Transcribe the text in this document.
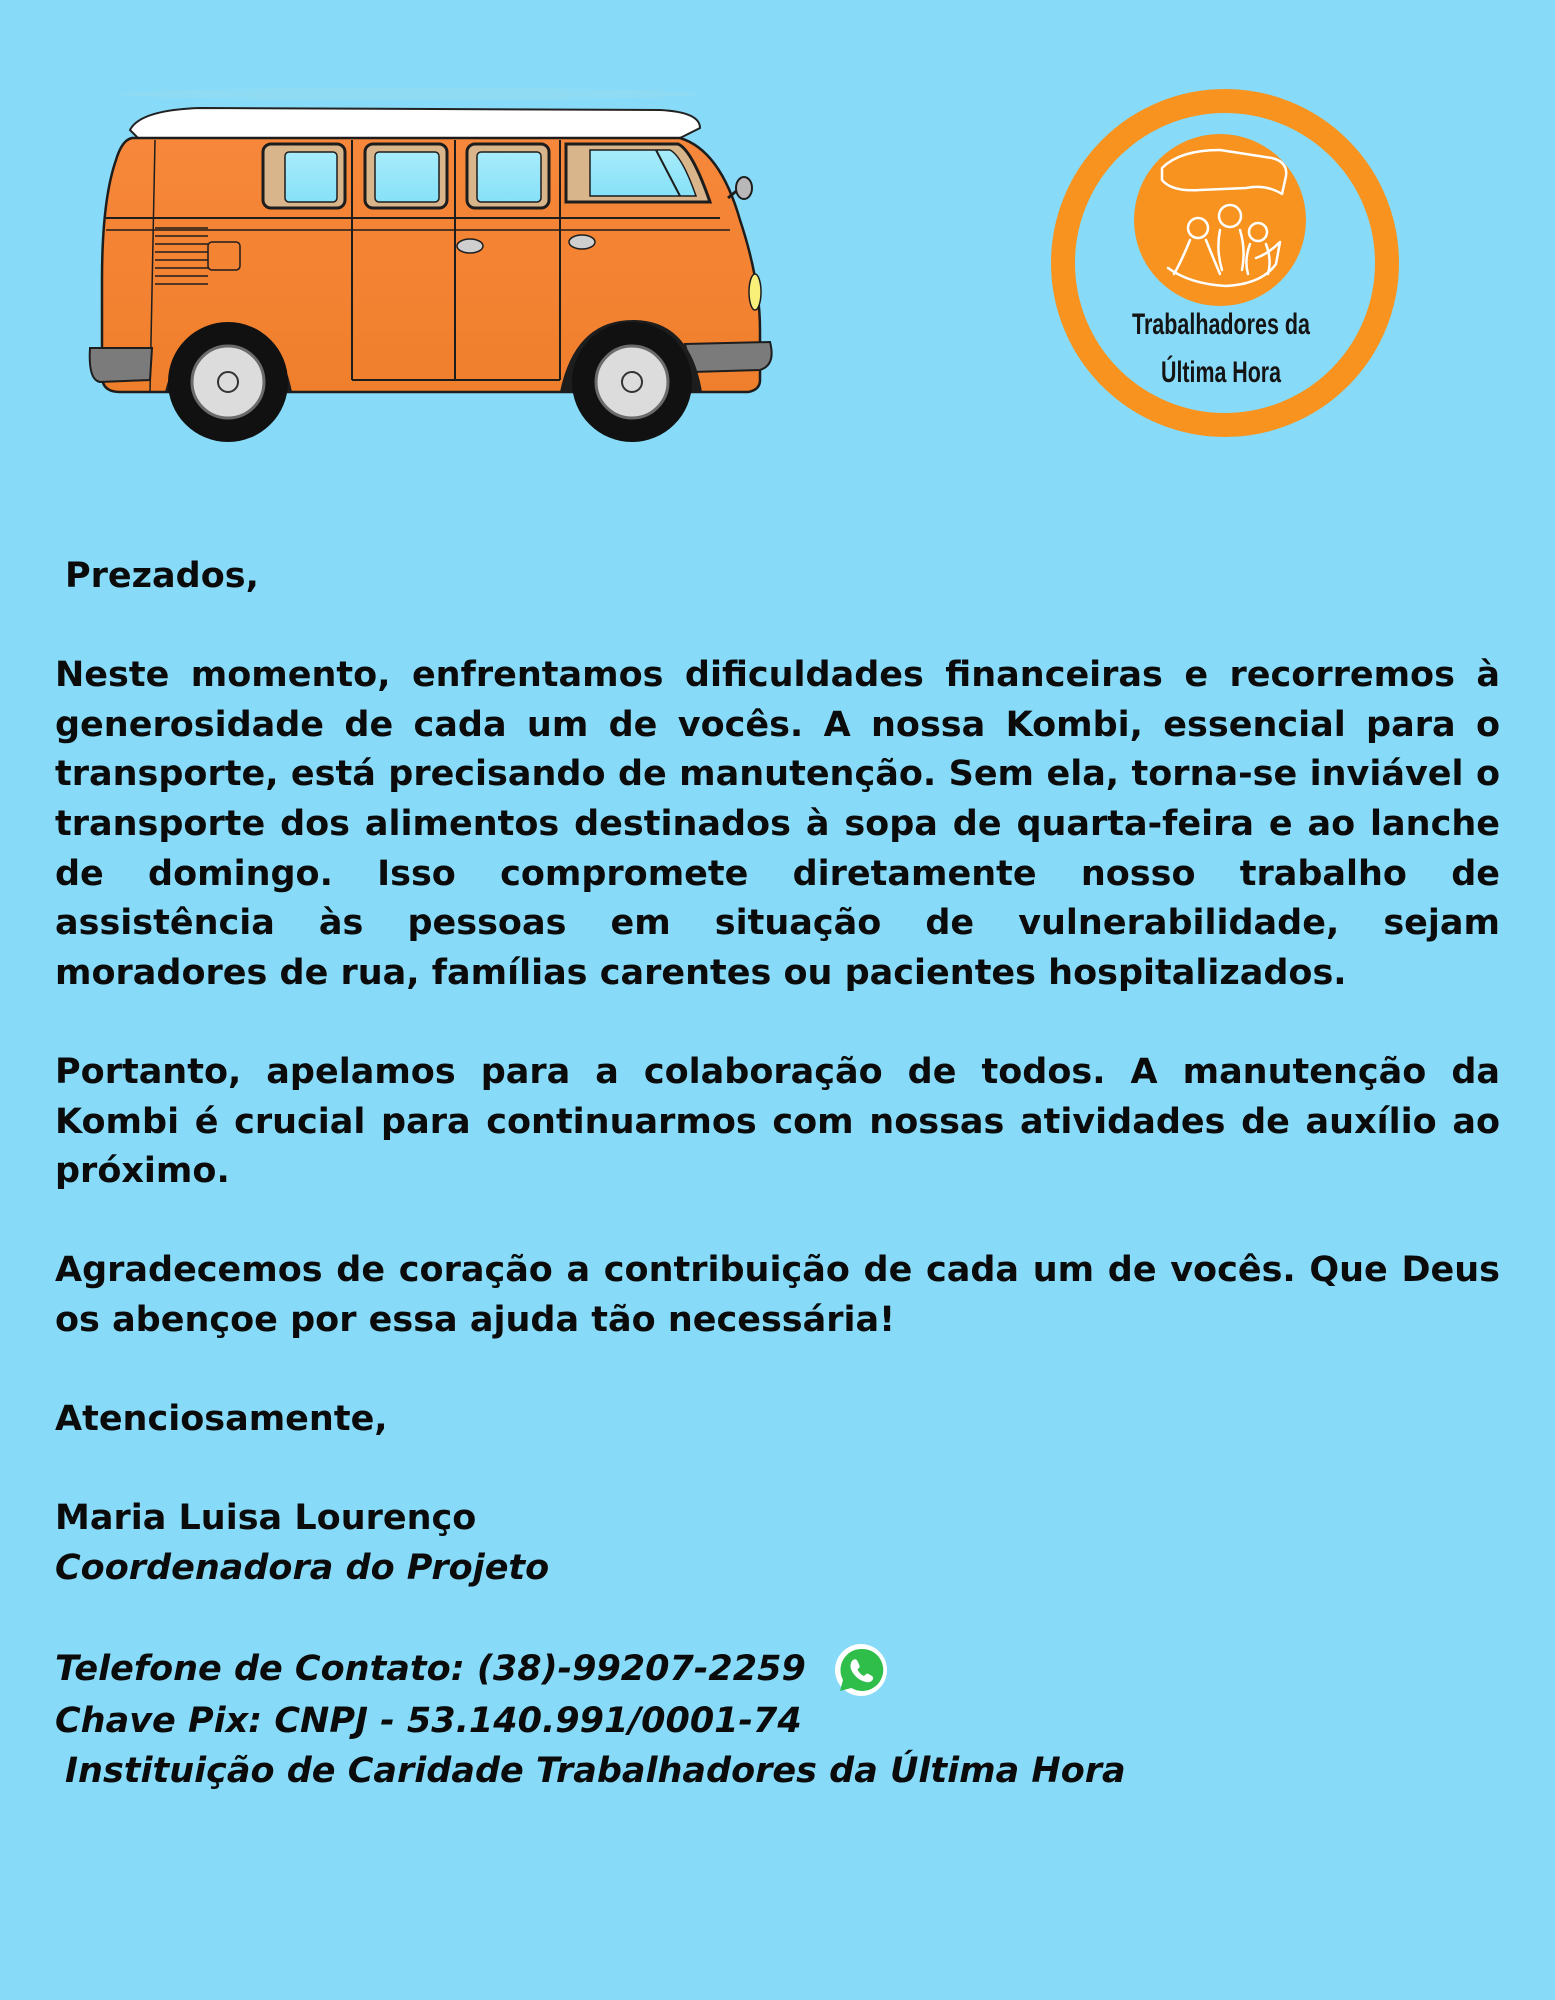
Trabalhadores da
Última Hora

Prezados,

Neste momento, enfrentamos dificuldades financeiras e recorremos à generosidade de cada um de vocês. A nossa Kombi, essencial para o transporte, está precisando de manutenção. Sem ela, torna-se inviável o transporte dos alimentos destinados à sopa de quarta-feira e ao lanche de domingo. Isso compromete diretamente nosso trabalho de assistência às pessoas em situação de vulnerabilidade, sejam moradores de rua, famílias carentes ou pacientes hospitalizados.

Portanto, apelamos para a colaboração de todos. A manutenção da Kombi é crucial para continuarmos com nossas atividades de auxílio ao próximo.

Agradecemos de coração a contribuição de cada um de vocês. Que Deus os abençoe por essa ajuda tão necessária!

Atenciosamente,

Maria Luisa Lourenço

Coordenadora do Projeto

Telefone de Contato: (38)-99207-2259

Chave Pix: CNPJ - 53.140.991/0001-74

Instituição de Caridade Trabalhadores da Última Hora
